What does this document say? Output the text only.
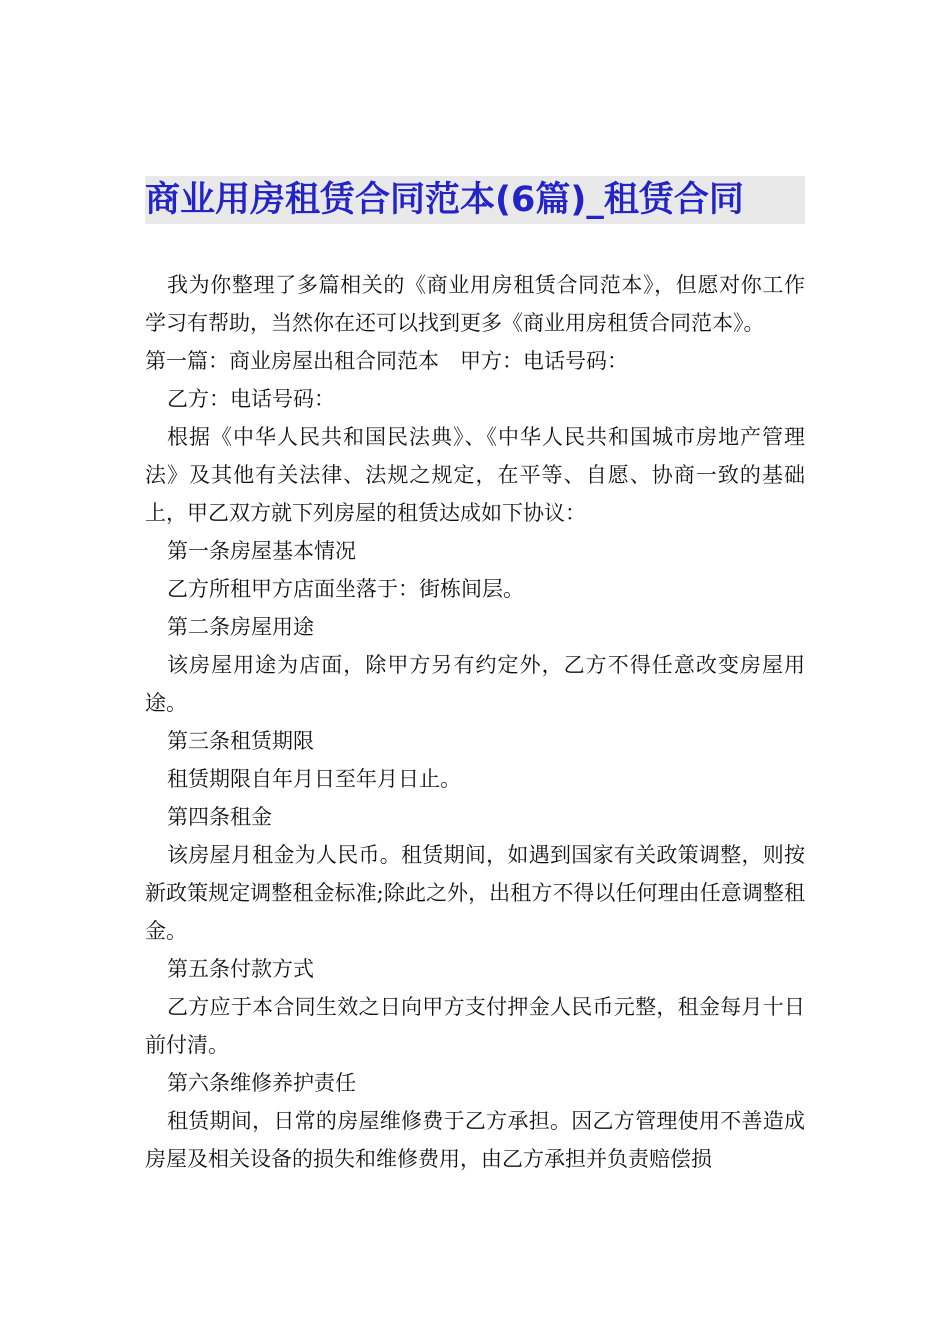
商业用房租赁合同范本(6篇)_租赁合同

我为你整理了多篇相关的《商业用房租赁合同范本》，但愿对你工作学习有帮助，当然你在还可以找到更多《商业用房租赁合同范本》。

第一篇：商业房屋出租合同范本　甲方：电话号码：

乙方：电话号码：

根据《中华人民共和国民法典》、《中华人民共和国城市房地产管理法》及其他有关法律、法规之规定，在平等、自愿、协商一致的基础上，甲乙双方就下列房屋的租赁达成如下协议：

第一条房屋基本情况

乙方所租甲方店面坐落于：街栋间层。

第二条房屋用途

该房屋用途为店面，除甲方另有约定外，乙方不得任意改变房屋用途。

第三条租赁期限

租赁期限自年月日至年月日止。

第四条租金

该房屋月租金为人民币。租赁期间，如遇到国家有关政策调整，则按新政策规定调整租金标准;除此之外，出租方不得以任何理由任意调整租金。

第五条付款方式

乙方应于本合同生效之日向甲方支付押金人民币元整，租金每月十日前付清。

第六条维修养护责任

租赁期间，日常的房屋维修费于乙方承担。因乙方管理使用不善造成房屋及相关设备的损失和维修费用，由乙方承担并负责赔偿损
